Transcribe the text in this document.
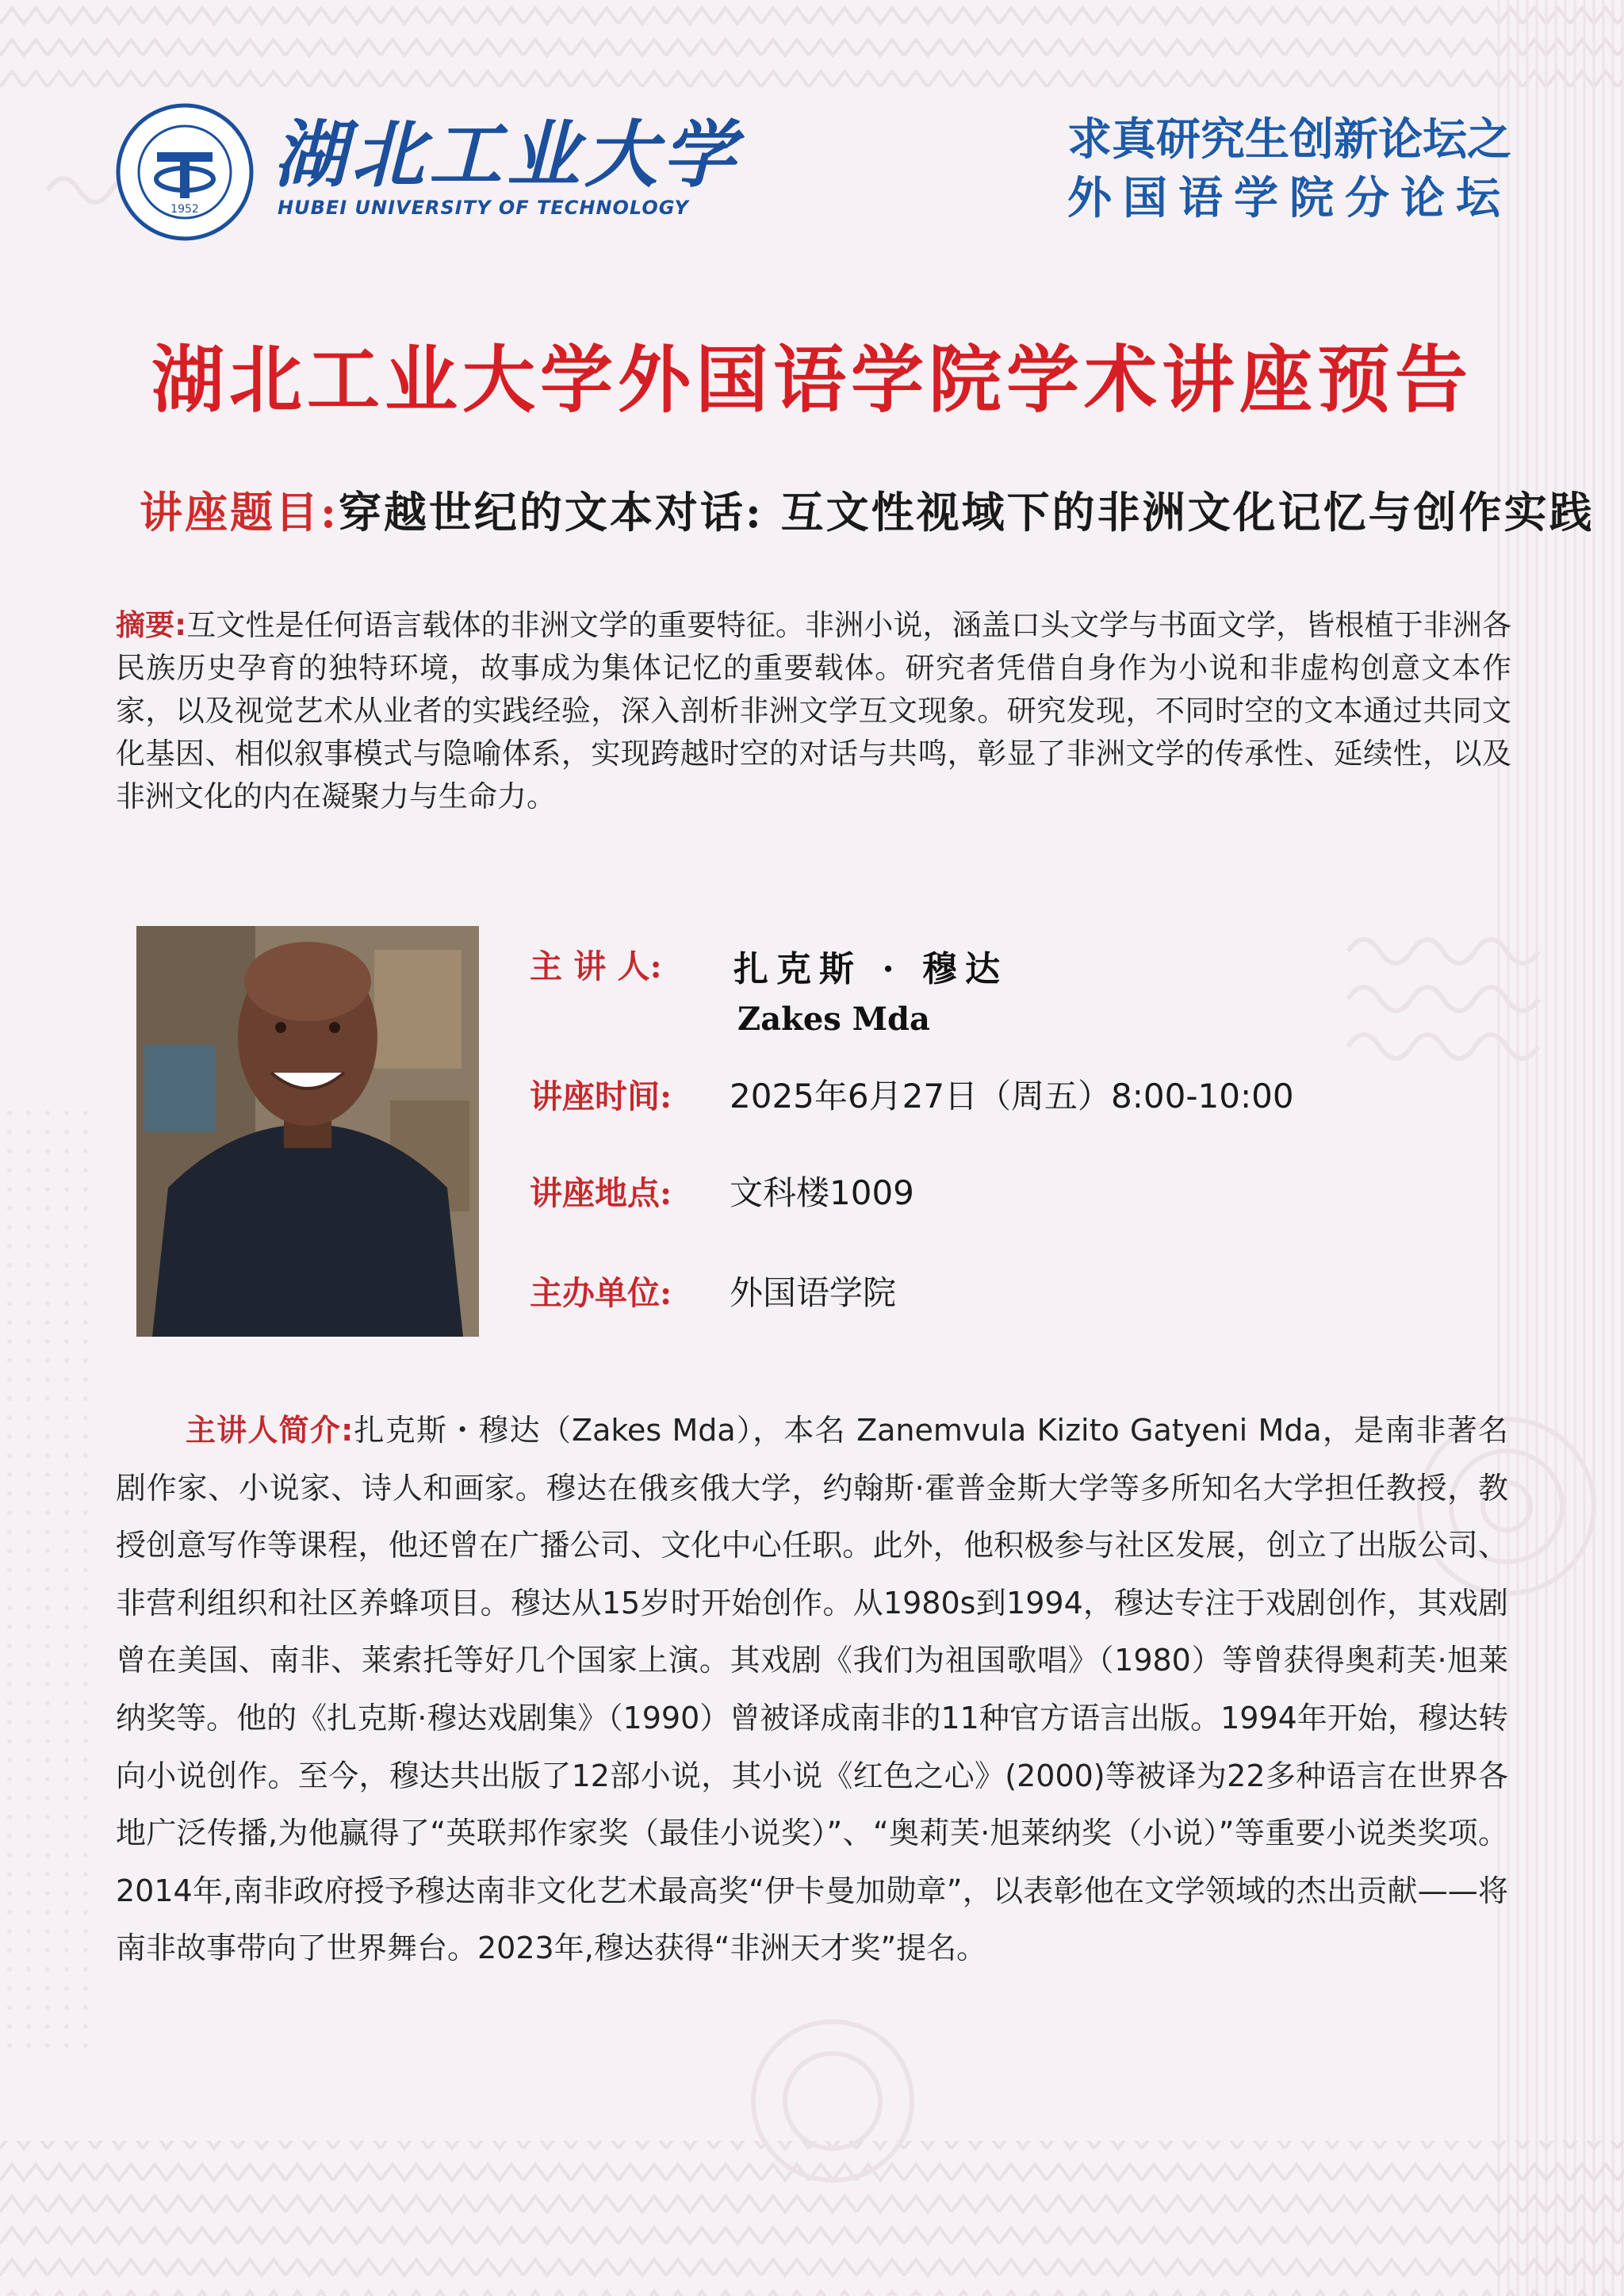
1952
湖北工业大学
HUBEI UNIVERSITY OF TECHNOLOGY
求真研究生创新论坛之
外国语学院分论坛
湖北工业大学外国语学院学术讲座预告
讲座题目:穿越世纪的文本对话: 互文性视域下的非洲文化记忆与创作实践
摘要:互文性是任何语言载体的非洲文学的重要特征。非洲小说，涵盖口头文学与书面文学，皆根植于非洲各民族历史孕育的独特环境，故事成为集体记忆的重要载体。研究者凭借自身作为小说和非虚构创意文本作家，以及视觉艺术从业者的实践经验，深入剖析非洲文学互文现象。研究发现，不同时空的文本通过共同文化基因、相似叙事模式与隐喻体系，实现跨越时空的对话与共鸣，彰显了非洲文学的传承性、延续性，以及非洲文化的内在凝聚力与生命力。
主 讲 人: 扎克斯 · 穆达
Zakes Mda
讲座时间: 2025年6月27日（周五）8:00-10:00
讲座地点: 文科楼1009
主办单位: 外国语学院
主讲人简介:扎克斯・穆达（Zakes Mda），本名 Zanemvula Kizito Gatyeni Mda，是南非著名剧作家、小说家、诗人和画家。穆达在俄亥俄大学，约翰斯·霍普金斯大学等多所知名大学担任教授，教授创意写作等课程，他还曾在广播公司、文化中心任职。此外，他积极参与社区发展，创立了出版公司、非营利组织和社区养蜂项目。穆达从15岁时开始创作。从1980s到1994，穆达专注于戏剧创作，其戏剧曾在美国、南非、莱索托等好几个国家上演。其戏剧《我们为祖国歌唱》（1980）等曾获得奥莉芙·旭莱纳奖等。他的《扎克斯·穆达戏剧集》（1990）曾被译成南非的11种官方语言出版。1994年开始，穆达转向小说创作。至今，穆达共出版了12部小说，其小说《红色之心》(2000)等被译为22多种语言在世界各地广泛传播,为他赢得了“英联邦作家奖（最佳小说奖）”、“奥莉芙·旭莱纳奖（小说）”等重要小说类奖项。2014年,南非政府授予穆达南非文化艺术最高奖“伊卡曼加勋章”，以表彰他在文学领域的杰出贡献——将南非故事带向了世界舞台。2023年,穆达获得“非洲天才奖”提名。
